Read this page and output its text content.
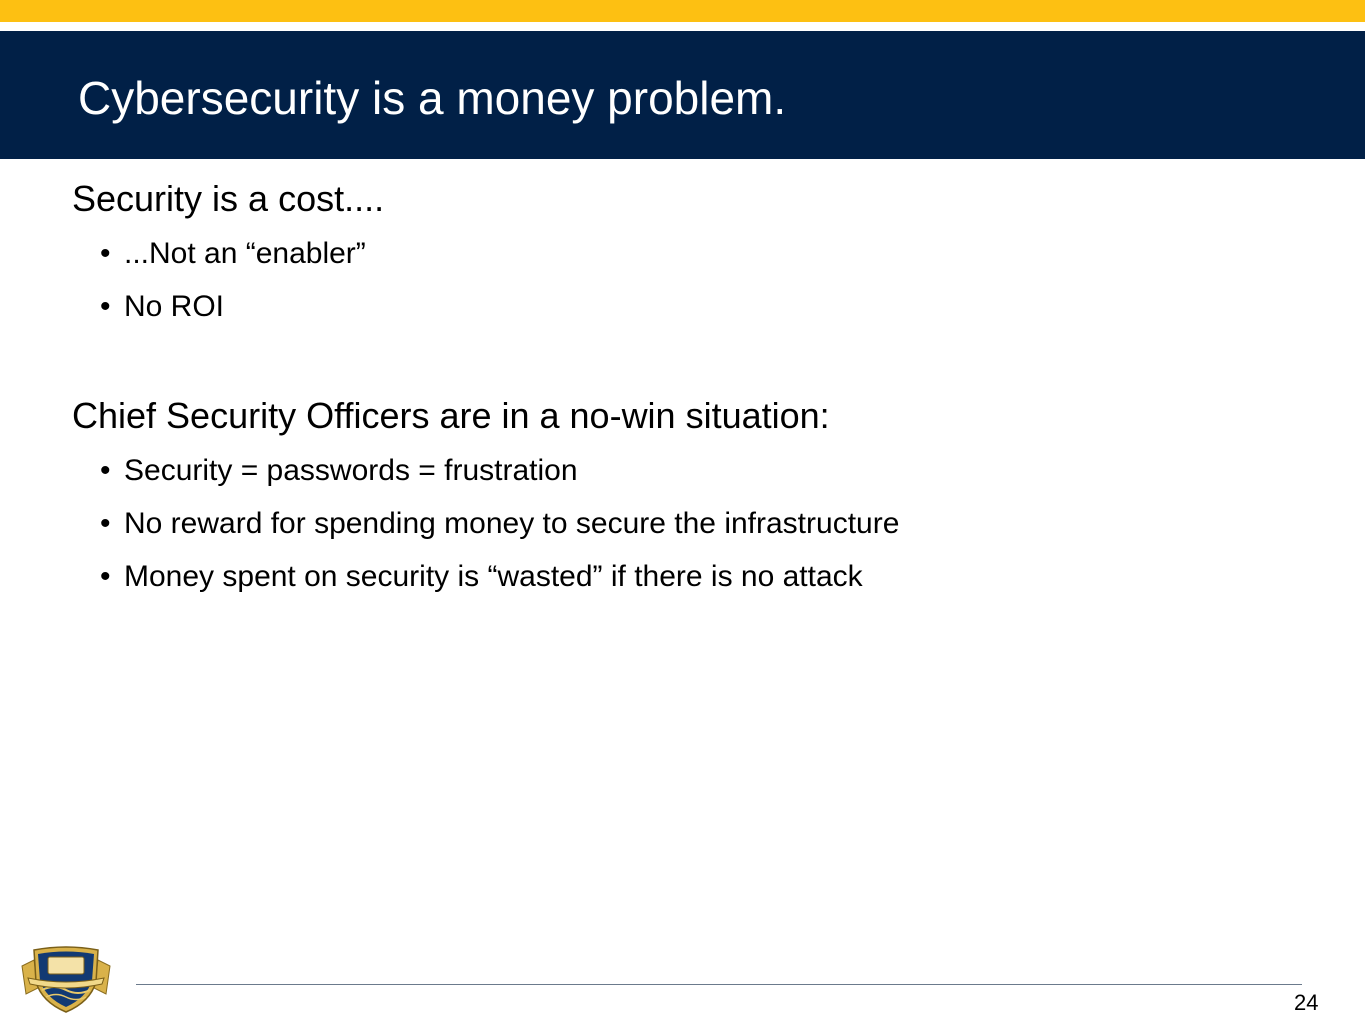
Cybersecurity is a money problem.
Security is a cost....
• ...Not an “enabler”
• No ROI
Chief Security Officers are in a no-win situation:
• Security = passwords = frustration
• No reward for spending money to secure the infrastructure
• Money spent on security is “wasted” if there is no attack
24
